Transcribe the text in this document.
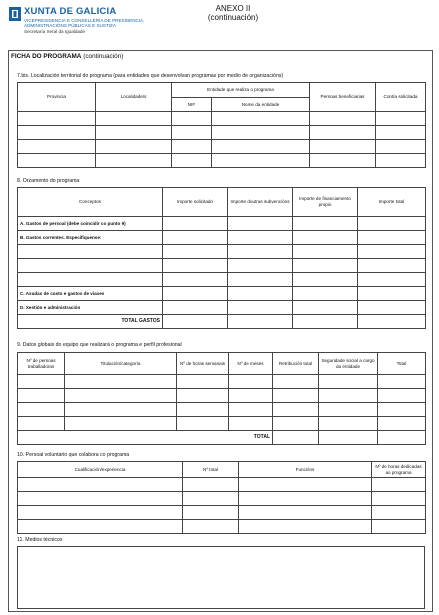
XUNTA DE GALICIA
VICEPRESIDENCIA E CONSELLERÍA DE PRESIDENCIA,
ADMINISTRACIÓNS PÚBLICAS E XUSTIZA
Secretaría Xeral da Igualdade
ANEXO II
(continuación)
FICHA DO PROGRAMA (continuación)
7.bis. Localización territorial do programa (para entidades que desenvolvan programas por medio de organizacións)
Provincia	Localidade/s	Entidade que realiza o programa		Persoas beneficiarias	Contía solicitada
		NIF	Nome da entidade		

8. Orzamento do programa
Conceptos	Importe solicitado	Importe doutras subvencións	Importe de financiamento propio	Importe total
A. Gastos de persoal (debe coincidir co punto 9)				
B. Gastos correntes. Especifíquense:				

C. Axudas de custo e gastos de viaxes				
D. Xestión e administración				
TOTAL GASTOS				
9. Datos globais do equipo que realizará o programa e perfil profesional
Nº de persoas traballadoras	Titulación/categoría	Nº de horas semanais	Nº de meses	Retribución total	Seguridade social a cargo da entidade	Total

TOTAL						
10. Persoal voluntario que colabora co programa
Cualificación/experiencia	Nº total	Funcións	Nº de horas dedicadas ao programa

11. Medios técnicos
